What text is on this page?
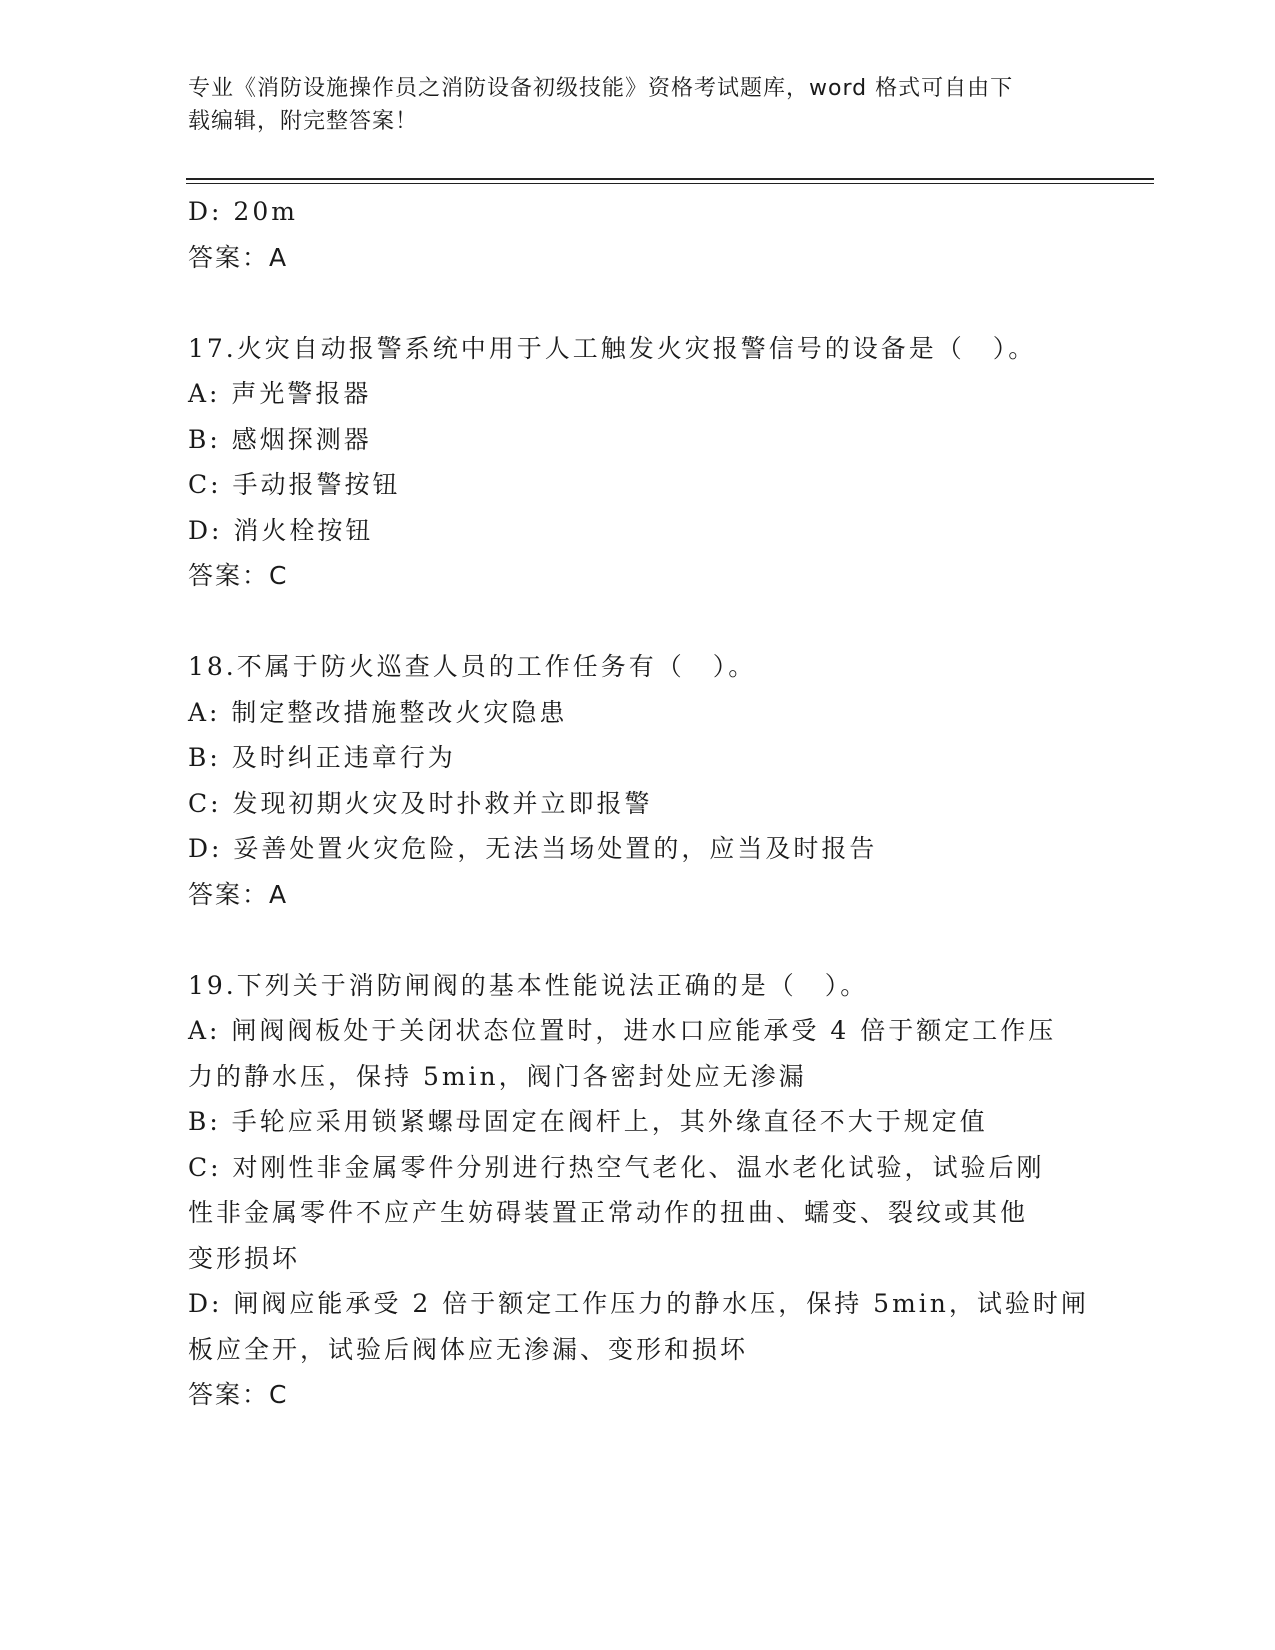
专业《消防设施操作员之消防设备初级技能》资格考试题库，word 格式可自由下
载编辑，附完整答案！
D: 20m
答案：A
17.火灾自动报警系统中用于人工触发火灾报警信号的设备是（　）。
A: 声光警报器
B: 感烟探测器
C: 手动报警按钮
D: 消火栓按钮
答案：C
18.不属于防火巡查人员的工作任务有（　）。
A: 制定整改措施整改火灾隐患
B: 及时纠正违章行为
C: 发现初期火灾及时扑救并立即报警
D: 妥善处置火灾危险，无法当场处置的，应当及时报告
答案：A
19.下列关于消防闸阀的基本性能说法正确的是（　）。
A: 闸阀阀板处于关闭状态位置时，进水口应能承受 4 倍于额定工作压
力的静水压，保持 5min，阀门各密封处应无渗漏
B: 手轮应采用锁紧螺母固定在阀杆上，其外缘直径不大于规定值
C: 对刚性非金属零件分别进行热空气老化、温水老化试验，试验后刚
性非金属零件不应产生妨碍装置正常动作的扭曲、蠕变、裂纹或其他
变形损坏
D: 闸阀应能承受 2 倍于额定工作压力的静水压，保持 5min，试验时闸
板应全开，试验后阀体应无渗漏、变形和损坏
答案：C
